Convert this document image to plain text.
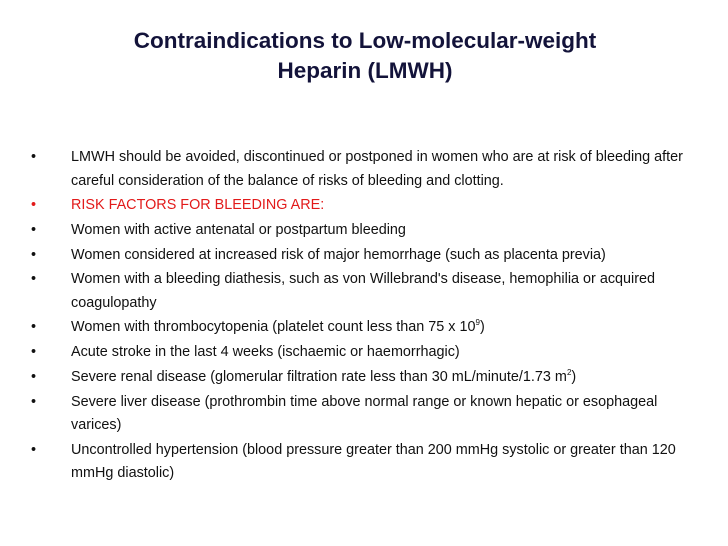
Contraindications to Low-molecular-weight
Heparin (LMWH)
• LMWH should be avoided, discontinued or postponed in women who are at risk of bleeding after careful consideration of the balance of risks of bleeding and clotting.
• RISK FACTORS FOR BLEEDING ARE:
• Women with active antenatal or postpartum bleeding
• Women considered at increased risk of major hemorrhage (such as placenta previa)
• Women with a bleeding diathesis, such as von Willebrand's disease, hemophilia or acquired coagulopathy
• Women with thrombocytopenia (platelet count less than 75 x $10^9$)
• Acute stroke in the last 4 weeks (ischaemic or haemorrhagic)
• Severe renal disease (glomerular filtration rate less than 30 mL/minute/1.73 $m^2$)
• Severe liver disease (prothrombin time above normal range or known hepatic or esophageal varices)
• Uncontrolled hypertension (blood pressure greater than 200 mmHg systolic or greater than 120 mmHg diastolic)
